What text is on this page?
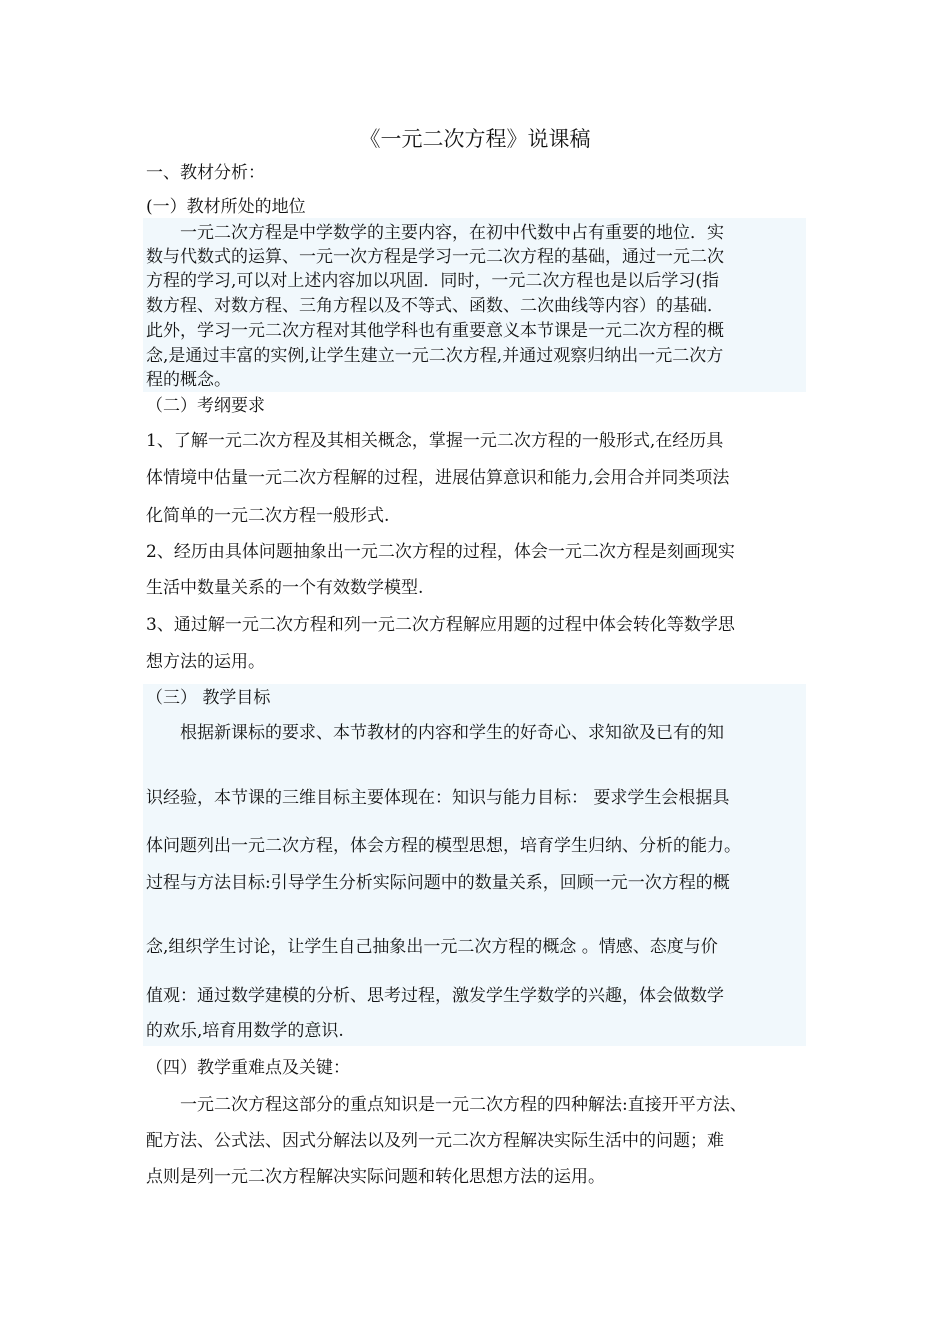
《一元二次方程》说课稿
一、教材分析：
(一）教材所处的地位
一元二次方程是中学数学的主要内容，在初中代数中占有重要的地位．实
数与代数式的运算、一元一次方程是学习一元二次方程的基础，通过一元二次
方程的学习,可以对上述内容加以巩固．同时，一元二次方程也是以后学习(指
数方程、对数方程、三角方程以及不等式、函数、二次曲线等内容）的基础．
此外，学习一元二次方程对其他学科也有重要意义本节课是一元二次方程的概
念,是通过丰富的实例,让学生建立一元二次方程,并通过观察归纳出一元二次方
程的概念。
（二）考纲要求
1、了解一元二次方程及其相关概念，掌握一元二次方程的一般形式,在经历具
体情境中估量一元二次方程解的过程，进展估算意识和能力,会用合并同类项法
化简单的一元二次方程一般形式.
2、经历由具体问题抽象出一元二次方程的过程，体会一元二次方程是刻画现实
生活中数量关系的一个有效数学模型.
3、通过解一元二次方程和列一元二次方程解应用题的过程中体会转化等数学思
想方法的运用。
（三） 教学目标
根据新课标的要求、本节教材的内容和学生的好奇心、求知欲及已有的知
识经验，本节课的三维目标主要体现在：知识与能力目标： 要求学生会根据具
体问题列出一元二次方程，体会方程的模型思想，培育学生归纳、分析的能力。
过程与方法目标:引导学生分析实际问题中的数量关系，回顾一元一次方程的概
念,组织学生讨论，让学生自己抽象出一元二次方程的概念 。情感、态度与价
值观：通过数学建模的分析、思考过程，激发学生学数学的兴趣，体会做数学
的欢乐,培育用数学的意识.
（四）教学重难点及关键：
一元二次方程这部分的重点知识是一元二次方程的四种解法:直接开平方法、
配方法、公式法、因式分解法以及列一元二次方程解决实际生活中的问题；难
点则是列一元二次方程解决实际问题和转化思想方法的运用。
